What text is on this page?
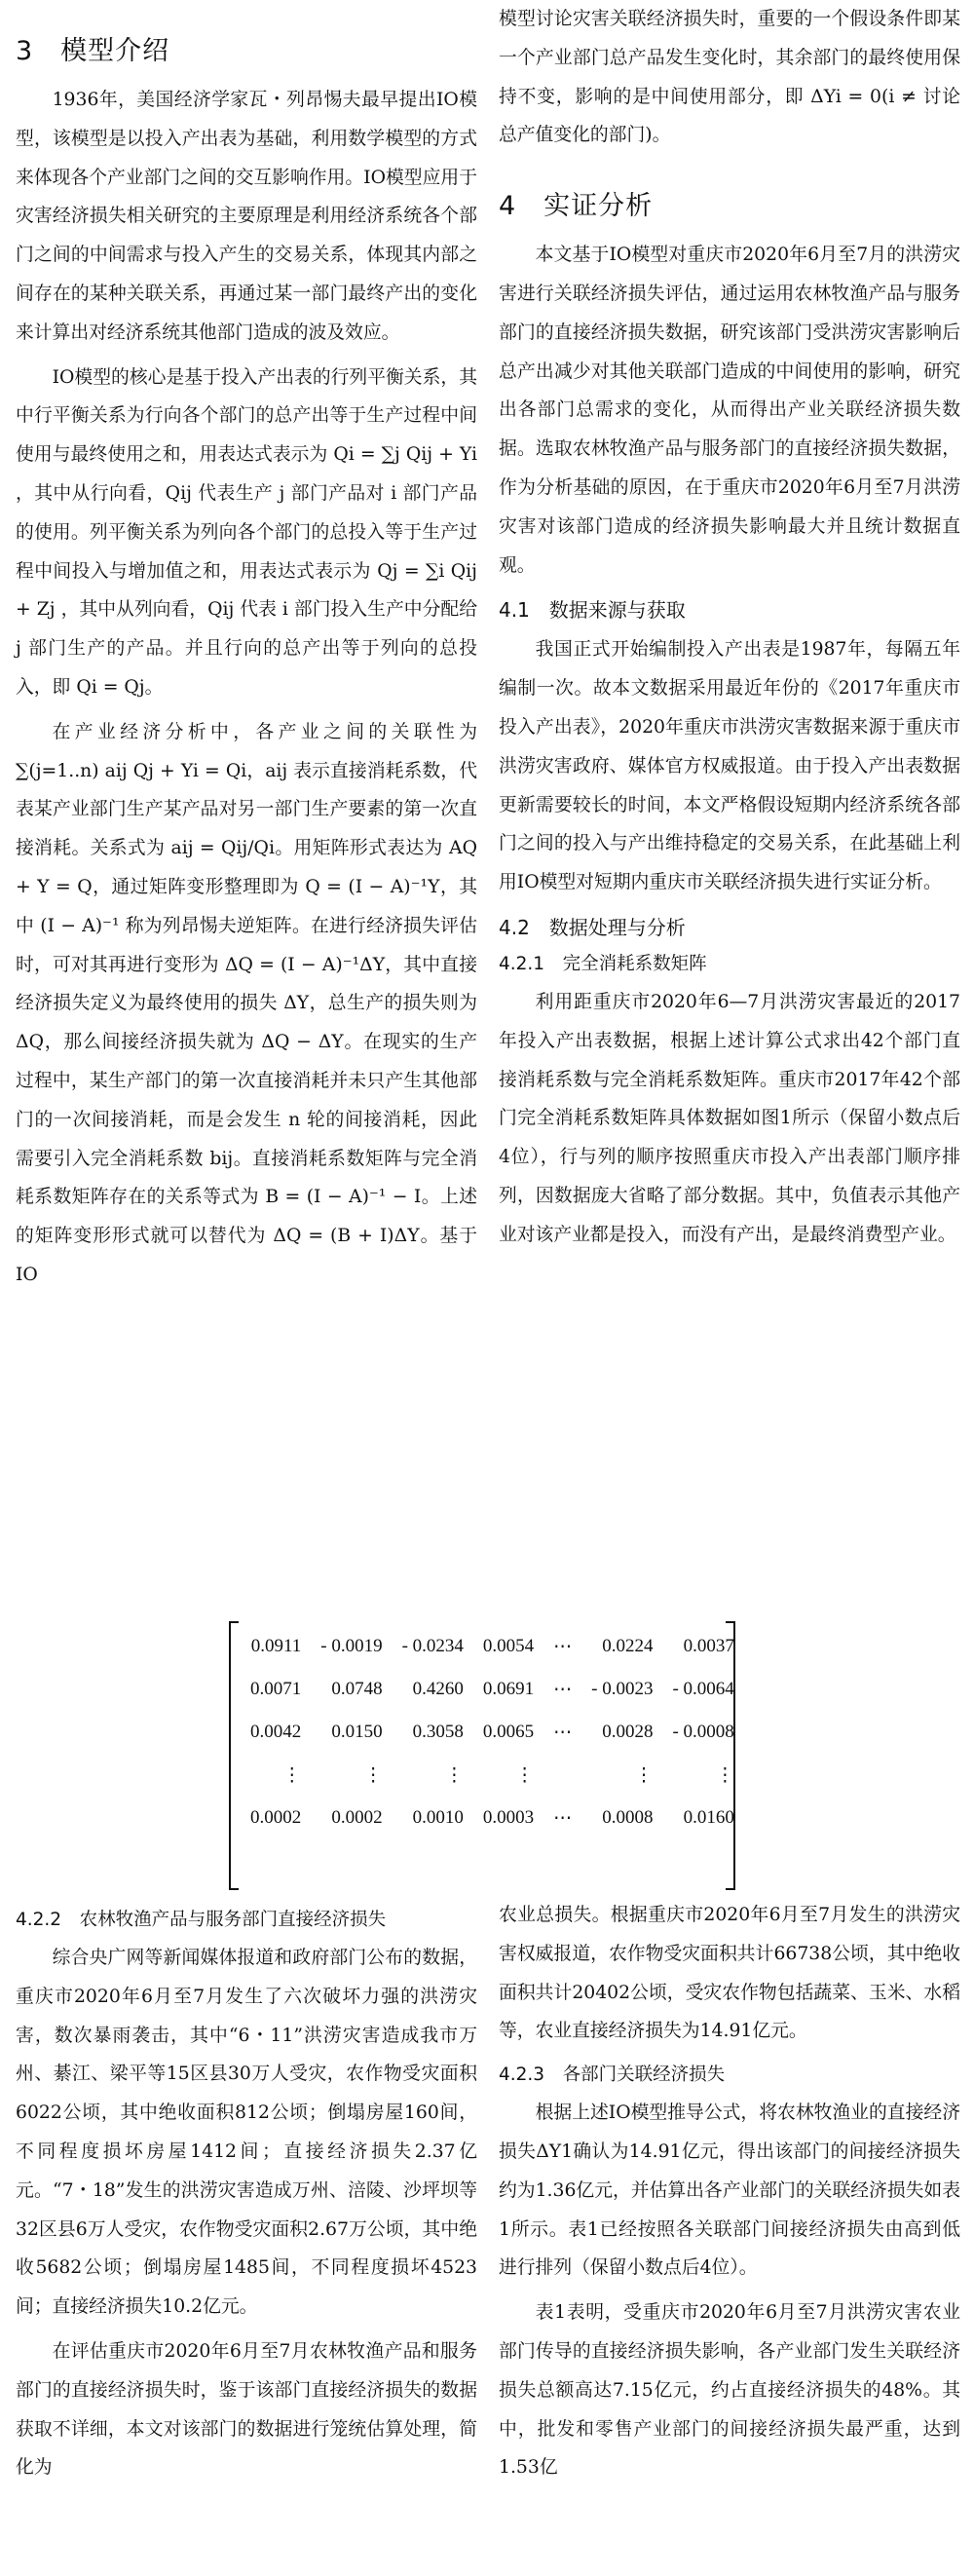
3　模型介绍

1936年，美国经济学家瓦・列昂惕夫最早提出IO模型，该模型是以投入产出表为基础，利用数学模型的方式来体现各个产业部门之间的交互影响作用。IO模型应用于灾害经济损失相关研究的主要原理是利用经济系统各个部门之间的中间需求与投入产生的交易关系，体现其内部之间存在的某种关联关系，再通过某一部门最终产出的变化来计算出对经济系统其他部门造成的波及效应。

IO模型的核心是基于投入产出表的行列平衡关系，其中行平衡关系为行向各个部门的总产出等于生产过程中间使用与最终使用之和，用表达式表示为 Qi = ∑j Qij + Yi ，其中从行向看，Qij 代表生产 j 部门产品对 i 部门产品的使用。列平衡关系为列向各个部门的总投入等于生产过程中间投入与增加值之和，用表达式表示为 Qj = ∑i Qij + Zj ，其中从列向看，Qij 代表 i 部门投入生产中分配给 j 部门生产的产品。并且行向的总产出等于列向的总投入，即 Qi = Qj。

在产业经济分析中，各产业之间的关联性为 ∑(j=1..n) aij Qj + Yi = Qi，aij 表示直接消耗系数，代表某产业部门生产某产品对另一部门生产要素的第一次直接消耗。关系式为 aij = Qij/Qi。用矩阵形式表达为 AQ + Y = Q，通过矩阵变形整理即为 Q = (I − A)⁻¹Y，其中 (I − A)⁻¹ 称为列昂惕夫逆矩阵。在进行经济损失评估时，可对其再进行变形为 ΔQ = (I − A)⁻¹ΔY，其中直接经济损失定义为最终使用的损失 ΔY，总生产的损失则为 ΔQ，那么间接经济损失就为 ΔQ − ΔY。在现实的生产过程中，某生产部门的第一次直接消耗并未只产生其他部门的一次间接消耗，而是会发生 n 轮的间接消耗，因此需要引入完全消耗系数 bij。直接消耗系数矩阵与完全消耗系数矩阵存在的关系等式为 B = (I − A)⁻¹ − I。上述的矩阵变形形式就可以替代为 ΔQ = (B + I)ΔY。基于IO

模型讨论灾害关联经济损失时，重要的一个假设条件即某一个产业部门总产品发生变化时，其余部门的最终使用保持不变，影响的是中间使用部分，即 ΔYi = 0(i ≠ 讨论总产值变化的部门)。

4　实证分析

本文基于IO模型对重庆市2020年6月至7月的洪涝灾害进行关联经济损失评估，通过运用农林牧渔产品与服务部门的直接经济损失数据，研究该部门受洪涝灾害影响后总产出减少对其他关联部门造成的中间使用的影响，研究出各部门总需求的变化，从而得出产业关联经济损失数据。选取农林牧渔产品与服务部门的直接经济损失数据，作为分析基础的原因，在于重庆市2020年6月至7月洪涝灾害对该部门造成的经济损失影响最大并且统计数据直观。

4.1　数据来源与获取

我国正式开始编制投入产出表是1987年，每隔五年编制一次。故本文数据采用最近年份的《2017年重庆市投入产出表》，2020年重庆市洪涝灾害数据来源于重庆市洪涝灾害政府、媒体官方权威报道。由于投入产出表数据更新需要较长的时间，本文严格假设短期内经济系统各部门之间的投入与产出维持稳定的交易关系，在此基础上利用IO模型对短期内重庆市关联经济损失进行实证分析。

4.2　数据处理与分析
4.2.1　完全消耗系数矩阵

利用距重庆市2020年6—7月洪涝灾害最近的2017年投入产出表数据，根据上述计算公式求出42个部门直接消耗系数与完全消耗系数矩阵。重庆市2017年42个部门完全消耗系数矩阵具体数据如图1所示（保留小数点后4位），行与列的顺序按照重庆市投入产出表部门顺序排列，因数据庞大省略了部分数据。其中，负值表示其他产业对该产业都是投入，而没有产出，是最终消费型产业。

0.0911	- 0.0019	- 0.0234	0.0054	⋯	0.0224	0.0037
0.0071	0.0748	0.4260	0.0691	⋯	- 0.0023	- 0.0064
0.0042	0.0150	0.3058	0.0065	⋯	0.0028	- 0.0008
⋮	⋮	⋮	⋮		⋮	⋮
0.0002	0.0002	0.0010	0.0003	⋯	0.0008	0.0160
4.2.2　农林牧渔产品与服务部门直接经济损失

综合央广网等新闻媒体报道和政府部门公布的数据，重庆市2020年6月至7月发生了六次破坏力强的洪涝灾害，数次暴雨袭击，其中“6・11”洪涝灾害造成我市万州、綦江、梁平等15区县30万人受灾，农作物受灾面积6022公顷，其中绝收面积812公顷；倒塌房屋160间，不同程度损坏房屋1412间；直接经济损失2.37亿元。“7・18”发生的洪涝灾害造成万州、涪陵、沙坪坝等32区县6万人受灾，农作物受灾面积2.67万公顷，其中绝收5682公顷；倒塌房屋1485间，不同程度损坏4523间；直接经济损失10.2亿元。

在评估重庆市2020年6月至7月农林牧渔产品和服务部门的直接经济损失时，鉴于该部门直接经济损失的数据获取不详细，本文对该部门的数据进行笼统估算处理，简化为

农业总损失。根据重庆市2020年6月至7月发生的洪涝灾害权威报道，农作物受灾面积共计66738公顷，其中绝收面积共计20402公顷，受灾农作物包括蔬菜、玉米、水稻等，农业直接经济损失为14.91亿元。

4.2.3　各部门关联经济损失

根据上述IO模型推导公式，将农林牧渔业的直接经济损失ΔY1确认为14.91亿元，得出该部门的间接经济损失约为1.36亿元，并估算出各产业部门的关联经济损失如表1所示。表1已经按照各关联部门间接经济损失由高到低进行排列（保留小数点后4位）。

表1表明，受重庆市2020年6月至7月洪涝灾害农业部门传导的直接经济损失影响，各产业部门发生关联经济损失总额高达7.15亿元，约占直接经济损失的48%。其中，批发和零售产业部门的间接经济损失最严重，达到1.53亿
